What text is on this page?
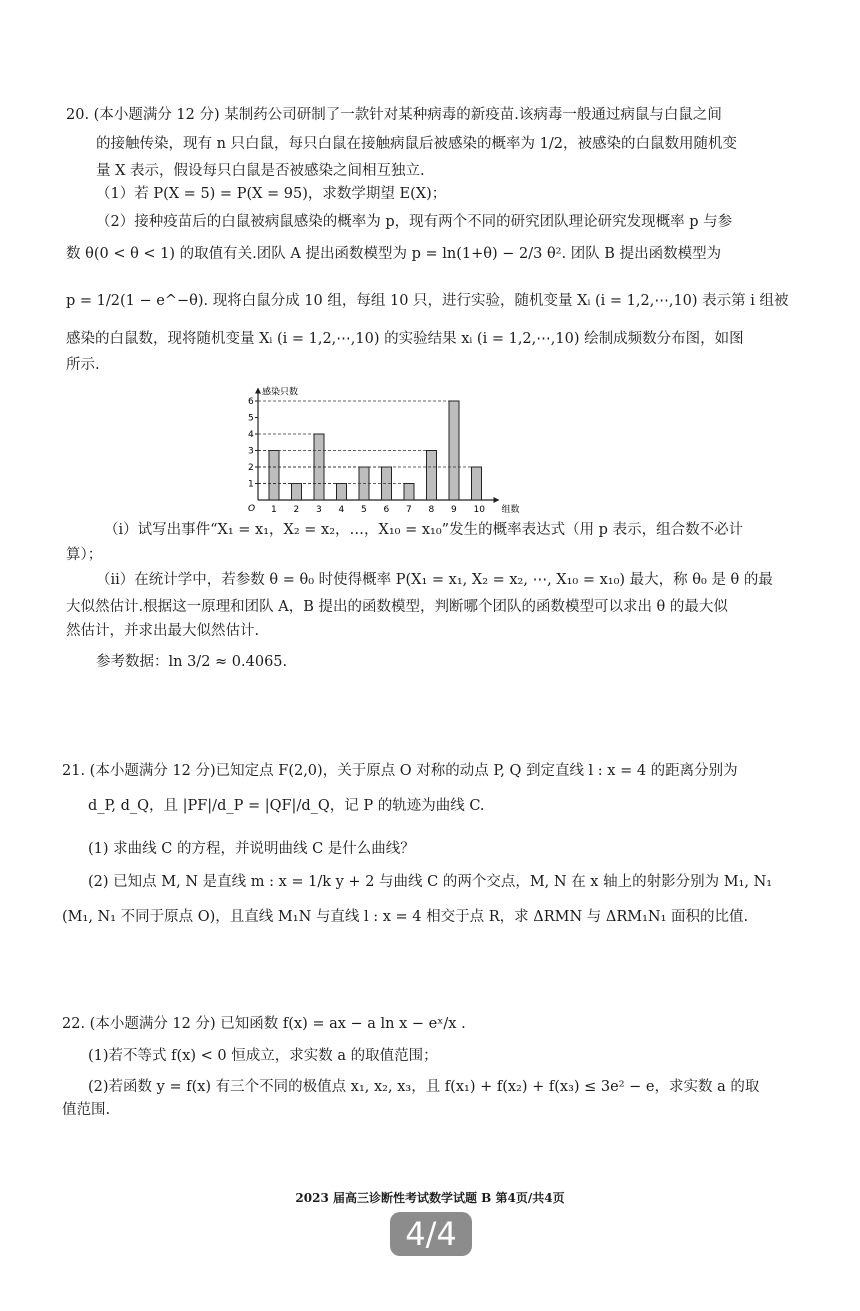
20. (本小题满分 12 分) 某制药公司研制了一款针对某种病毒的新疫苗.该病毒一般通过病鼠与白鼠之间
的接触传染，现有 n 只白鼠，每只白鼠在接触病鼠后被感染的概率为 1/2，被感染的白鼠数用随机变
量 X 表示，假设每只白鼠是否被感染之间相互独立.
（1）若 P(X = 5) = P(X = 95)，求数学期望 E(X)；
（2）接种疫苗后的白鼠被病鼠感染的概率为 p，现有两个不同的研究团队理论研究发现概率 p 与参
数 θ(0 < θ < 1) 的取值有关.团队 A 提出函数模型为 p = ln(1+θ) − 2/3 θ². 团队 B 提出函数模型为
p = 1/2(1 − e^−θ). 现将白鼠分成 10 组，每组 10 只，进行实验，随机变量 Xᵢ (i = 1,2,⋯,10) 表示第 i 组被
感染的白鼠数，现将随机变量 Xᵢ (i = 1,2,⋯,10) 的实验结果 xᵢ (i = 1,2,⋯,10) 绘制成频数分布图，如图
所示.
感染只数
组数
O
1
2
3
4
5
6
1 2 3 4 5 6 7 8 9 10
（i）试写出事件“X₁ = x₁，X₂ = x₂，…，X₁₀ = x₁₀”发生的概率表达式（用 p 表示，组合数不必计
算）；
（ii）在统计学中，若参数 θ = θ₀ 时使得概率 P(X₁ = x₁, X₂ = x₂, ⋯, X₁₀ = x₁₀) 最大，称 θ₀ 是 θ 的最
大似然估计.根据这一原理和团队 A，B 提出的函数模型，判断哪个团队的函数模型可以求出 θ 的最大似
然估计，并求出最大似然估计.
参考数据：ln 3/2 ≈ 0.4065.
21. (本小题满分 12 分)已知定点 F(2,0)，关于原点 O 对称的动点 P, Q 到定直线 l : x = 4 的距离分别为
d_P, d_Q，且 |PF|/d_P = |QF|/d_Q，记 P 的轨迹为曲线 C.
(1) 求曲线 C 的方程，并说明曲线 C 是什么曲线？
(2) 已知点 M, N 是直线 m : x = 1/k y + 2 与曲线 C 的两个交点，M, N 在 x 轴上的射影分别为 M₁, N₁
(M₁, N₁ 不同于原点 O)，且直线 M₁N 与直线 l : x = 4 相交于点 R，求 ΔRMN 与 ΔRM₁N₁ 面积的比值.
22. (本小题满分 12 分) 已知函数 f(x) = ax − a ln x − eˣ/x .
(1)若不等式 f(x) < 0 恒成立，求实数 a 的取值范围；
(2)若函数 y = f(x) 有三个不同的极值点 x₁, x₂, x₃，且 f(x₁) + f(x₂) + f(x₃) ≤ 3e² − e，求实数 a 的取
值范围.
2023 届高三诊断性考试数学试题 B 第4页/共4页
4/4
